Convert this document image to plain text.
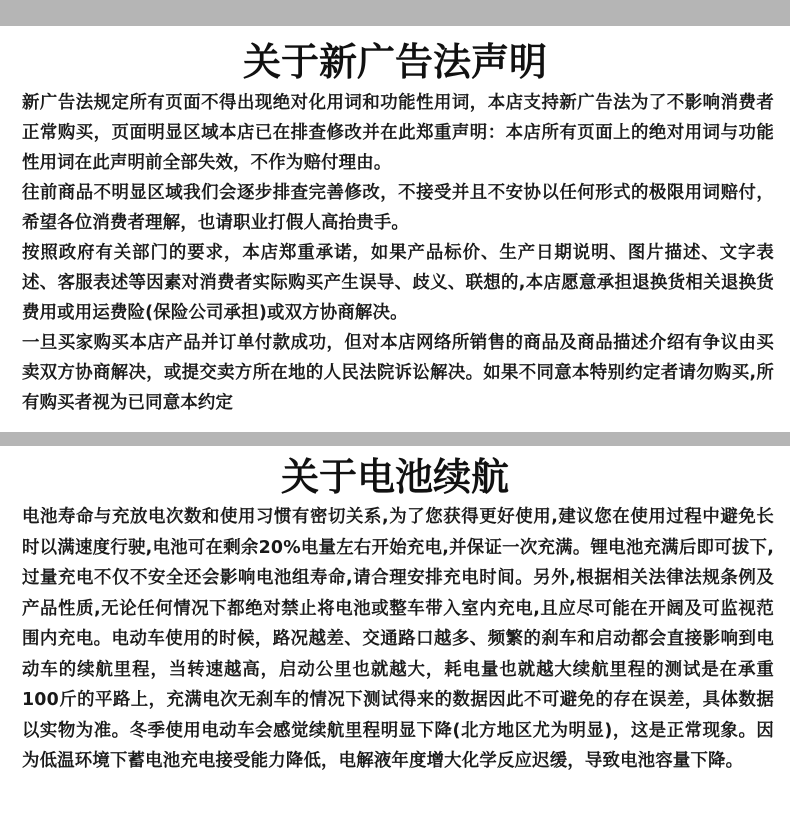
关于新广告法声明

新广告法规定所有页面不得出现绝对化用词和功能性用词，本店支持新广告法为了不影响消费者正常购买，页面明显区域本店已在排查修改并在此郑重声明：本店所有页面上的绝对用词与功能性用词在此声明前全部失效，不作为赔付理由。

往前商品不明显区域我们会逐步排查完善修改，不接受并且不安协以任何形式的极限用词赔付，希望各位消费者理解，也请职业打假人高抬贵手。

按照政府有关部门的要求，本店郑重承诺，如果产品标价、生产日期说明、图片描述、文字表述、客服表述等因素对消费者实际购买产生误导、歧义、联想的,本店愿意承担退换货相关退换货费用或用运费险(保险公司承担)或双方协商解决。

一旦买家购买本店产品并订单付款成功，但对本店网络所销售的商品及商品描述介绍有争议由买卖双方协商解决，或提交卖方所在地的人民法院诉讼解决。如果不同意本特别约定者请勿购买,所有购买者视为已同意本约定

关于电池续航

电池寿命与充放电次数和使用习惯有密切关系,为了您获得更好使用,建议您在使用过程中避免长时以满速度行驶,电池可在剩余20%电量左右开始充电,并保证一次充满。锂电池充满后即可拔下,过量充电不仅不安全还会影响电池组寿命,请合理安排充电时间。另外,根据相关法律法规条例及产品性质,无论任何情况下都绝对禁止将电池或整车带入室内充电,且应尽可能在开阔及可监视范围内充电。电动车使用的时候，路况越差、交通路口越多、频繁的刹车和启动都会直接影响到电动车的续航里程，当转速越高，启动公里也就越大，耗电量也就越大续航里程的测试是在承重100斤的平路上，充满电次无刹车的情况下测试得来的数据因此不可避免的存在误差，具体数据以实物为准。冬季使用电动车会感觉续航里程明显下降(北方地区尤为明显)，这是正常现象。因为低温环境下蓄电池充电接受能力降低，电解液年度增大化学反应迟缓，导致电池容量下降。
